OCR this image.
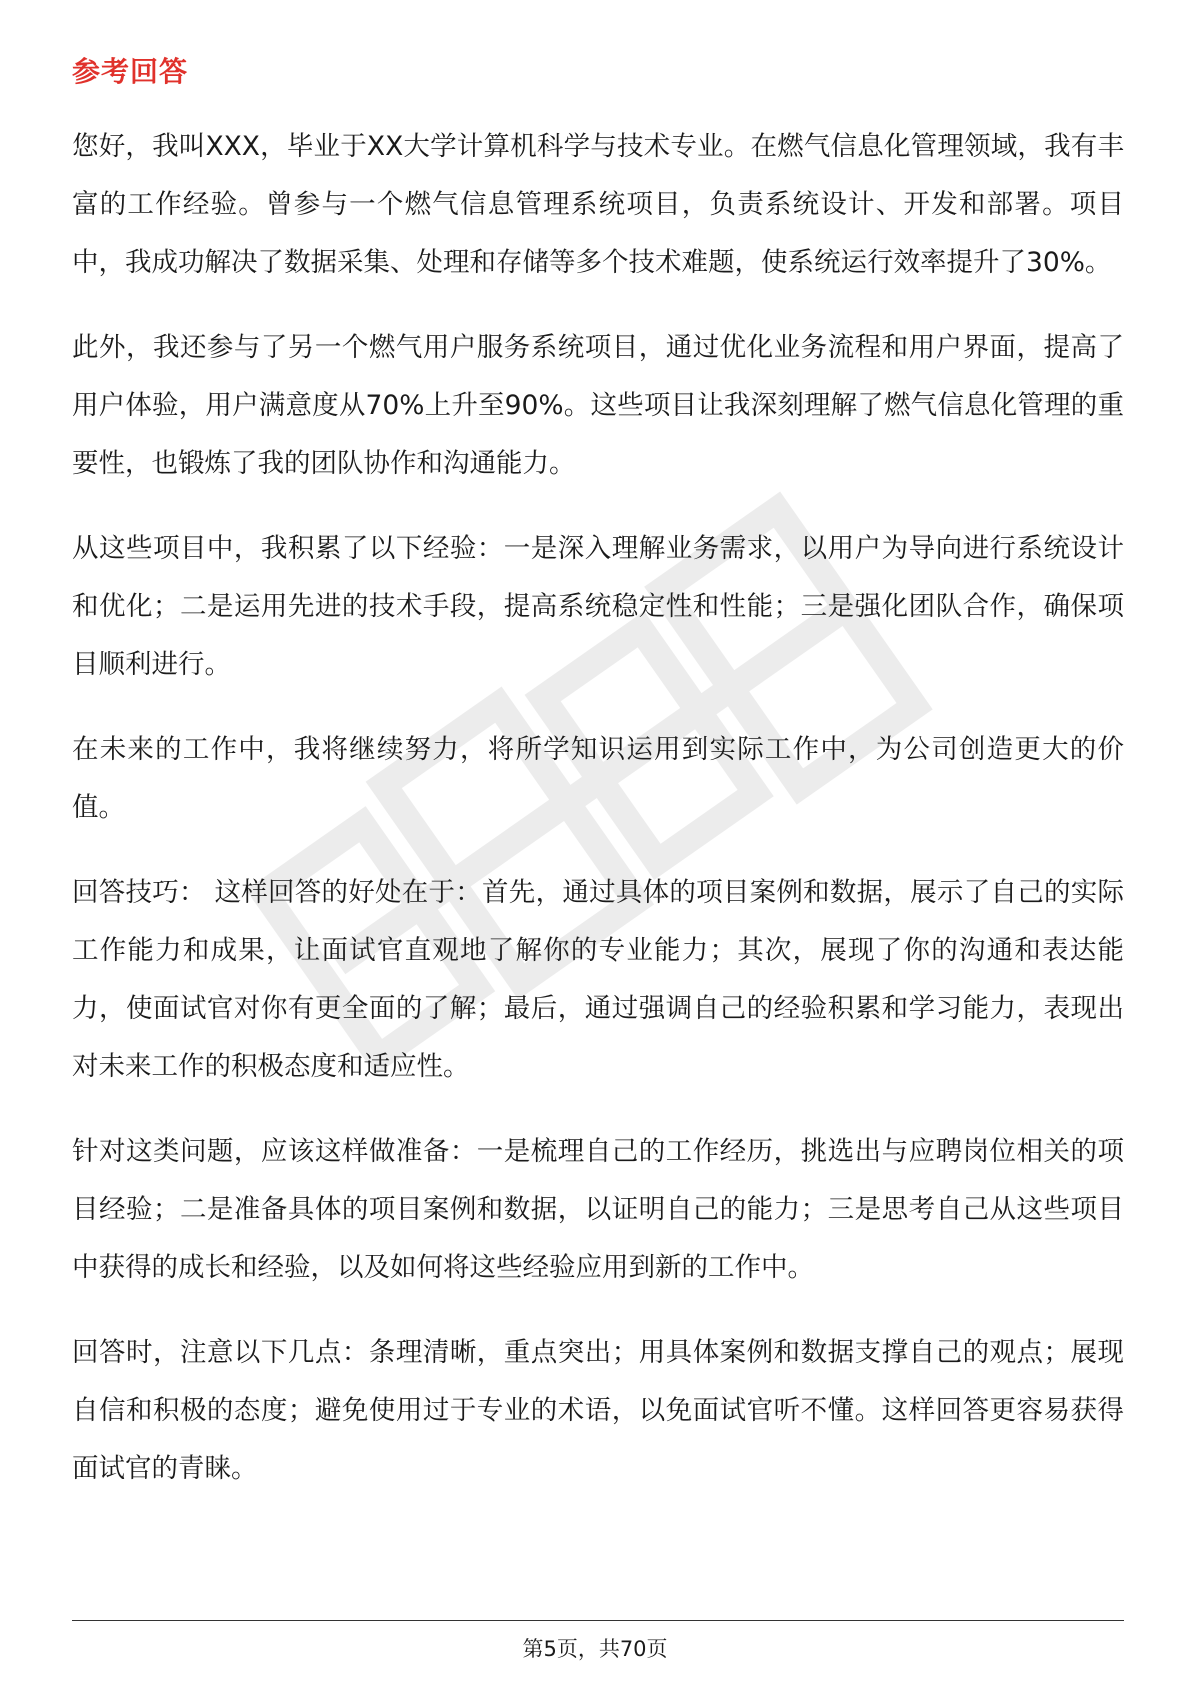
参考回答

您好，我叫XXX，毕业于XX大学计算机科学与技术专业。在燃气信息化管理领域，我有丰富的工作经验。曾参与一个燃气信息管理系统项目，负责系统设计、开发和部署。项目中，我成功解决了数据采集、处理和存储等多个技术难题，使系统运行效率提升了30%。

此外，我还参与了另一个燃气用户服务系统项目，通过优化业务流程和用户界面，提高了用户体验，用户满意度从70%上升至90%。这些项目让我深刻理解了燃气信息化管理的重要性，也锻炼了我的团队协作和沟通能力。

从这些项目中，我积累了以下经验：一是深入理解业务需求，以用户为导向进行系统设计和优化；二是运用先进的技术手段，提高系统稳定性和性能；三是强化团队合作，确保项目顺利进行。

在未来的工作中，我将继续努力，将所学知识运用到实际工作中，为公司创造更大的价值。

回答技巧： 这样回答的好处在于：首先，通过具体的项目案例和数据，展示了自己的实际工作能力和成果，让面试官直观地了解你的专业能力；其次，展现了你的沟通和表达能力，使面试官对你有更全面的了解；最后，通过强调自己的经验积累和学习能力，表现出对未来工作的积极态度和适应性。

针对这类问题，应该这样做准备：一是梳理自己的工作经历，挑选出与应聘岗位相关的项目经验；二是准备具体的项目案例和数据，以证明自己的能力；三是思考自己从这些项目中获得的成长和经验，以及如何将这些经验应用到新的工作中。

回答时，注意以下几点：条理清晰，重点突出；用具体案例和数据支撑自己的观点；展现自信和积极的态度；避免使用过于专业的术语，以免面试官听不懂。这样回答更容易获得面试官的青睐。

第5页，共70页
